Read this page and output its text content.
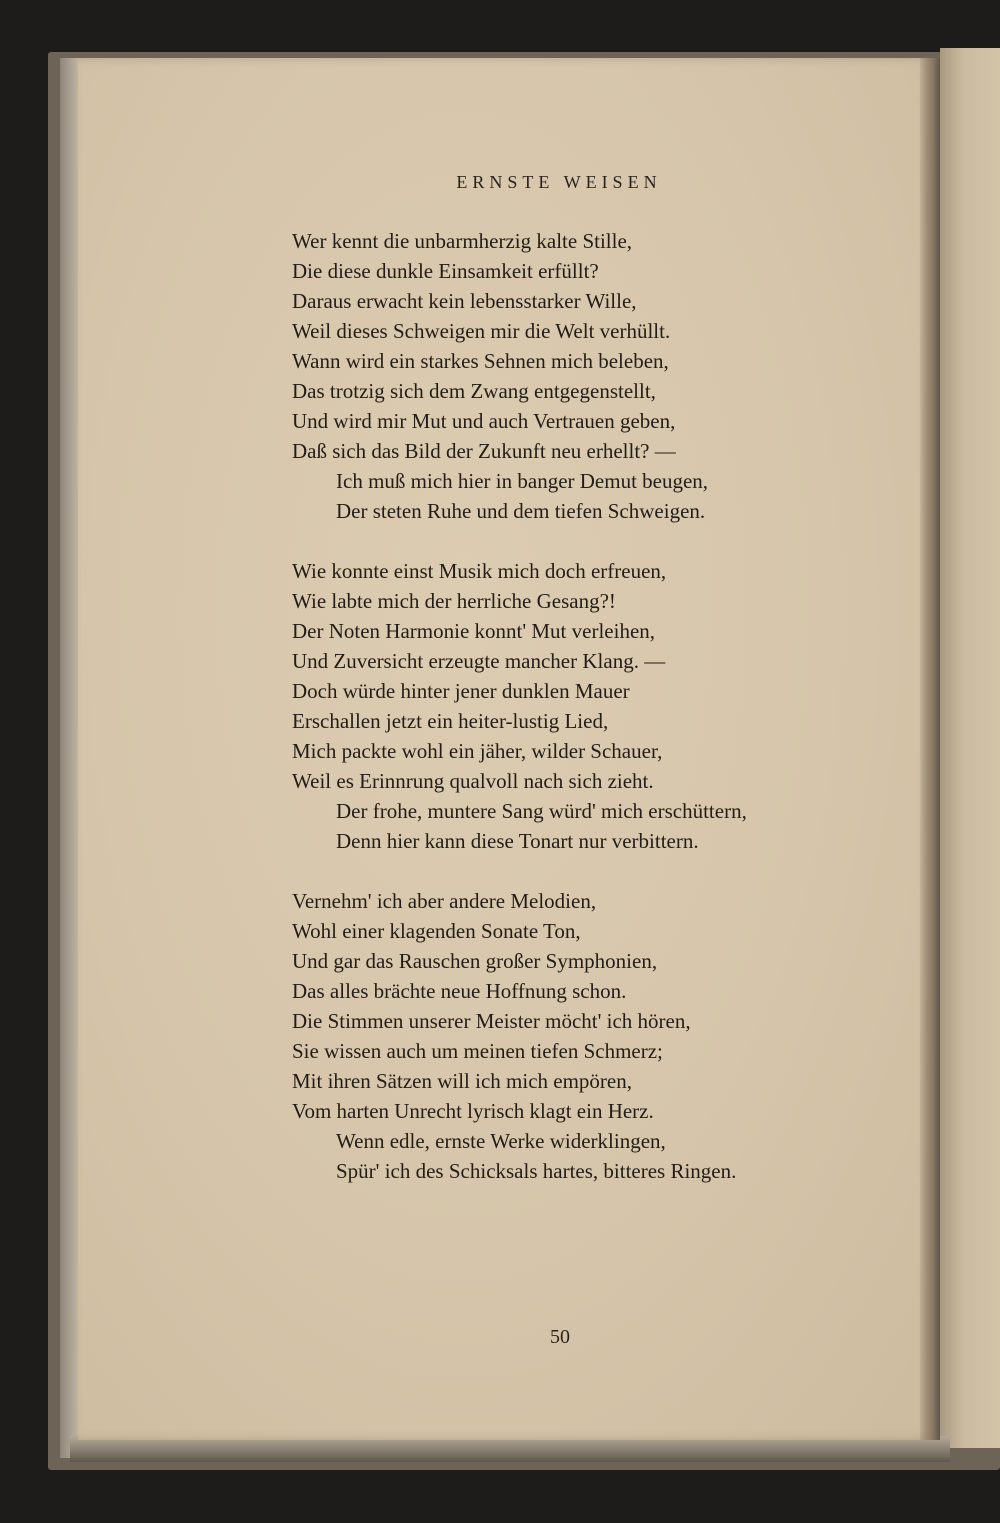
ERNSTE WEISEN
Wer kennt die unbarmherzig kalte Stille,
Die diese dunkle Einsamkeit erfüllt?
Daraus erwacht kein lebensstarker Wille,
Weil dieses Schweigen mir die Welt verhüllt.
Wann wird ein starkes Sehnen mich beleben,
Das trotzig sich dem Zwang entgegenstellt,
Und wird mir Mut und auch Vertrauen geben,
Daß sich das Bild der Zukunft neu erhellt? —
Ich muß mich hier in banger Demut beugen,
Der steten Ruhe und dem tiefen Schweigen.
Wie konnte einst Musik mich doch erfreuen,
Wie labte mich der herrliche Gesang?!
Der Noten Harmonie konnt' Mut verleihen,
Und Zuversicht erzeugte mancher Klang. —
Doch würde hinter jener dunklen Mauer
Erschallen jetzt ein heiter-lustig Lied,
Mich packte wohl ein jäher, wilder Schauer,
Weil es Erinnrung qualvoll nach sich zieht.
Der frohe, muntere Sang würd' mich erschüttern,
Denn hier kann diese Tonart nur verbittern.
Vernehm' ich aber andere Melodien,
Wohl einer klagenden Sonate Ton,
Und gar das Rauschen großer Symphonien,
Das alles brächte neue Hoffnung schon.
Die Stimmen unserer Meister möcht' ich hören,
Sie wissen auch um meinen tiefen Schmerz;
Mit ihren Sätzen will ich mich empören,
Vom harten Unrecht lyrisch klagt ein Herz.
Wenn edle, ernste Werke widerklingen,
Spür' ich des Schicksals hartes, bitteres Ringen.
50
